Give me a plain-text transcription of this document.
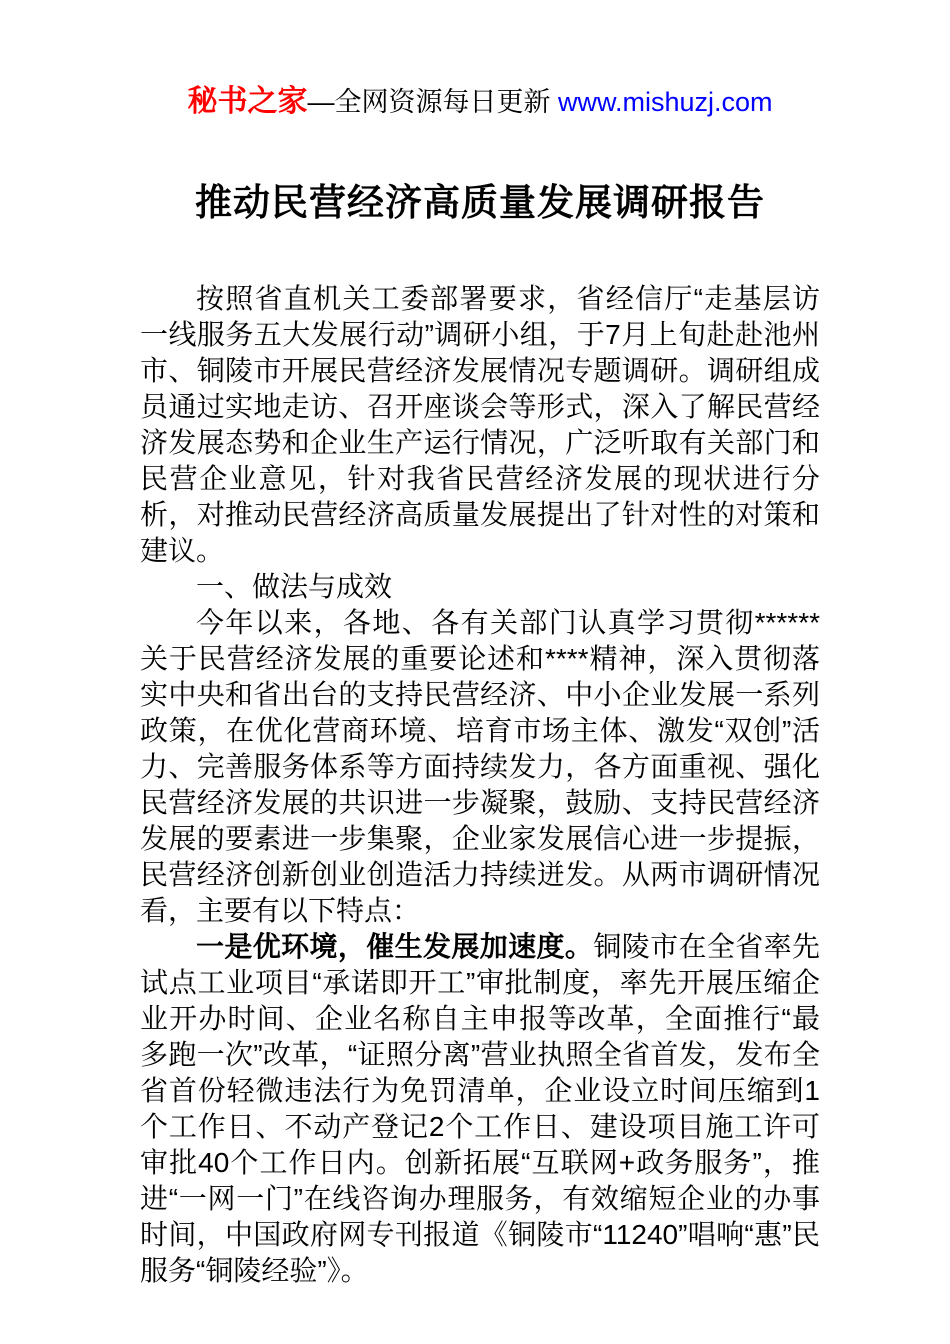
秘书之家—全网资源每日更新 www.mishuzj.com
推动民营经济高质量发展调研报告

按照省直机关工委部署要求，省经信厅“走基层访一线服务五大发展行动”调研小组，于7月上旬赴赴池州市、铜陵市开展民营经济发展情况专题调研。调研组成员通过实地走访、召开座谈会等形式，深入了解民营经济发展态势和企业生产运行情况，广泛听取有关部门和民营企业意见，针对我省民营经济发展的现状进行分析，对推动民营经济高质量发展提出了针对性的对策和建议。

一、做法与成效

今年以来，各地、各有关部门认真学习贯彻******关于民营经济发展的重要论述和****精神，深入贯彻落实中央和省出台的支持民营经济、中小企业发展一系列政策，在优化营商环境、培育市场主体、激发“双创”活力、完善服务体系等方面持续发力，各方面重视、强化民营经济发展的共识进一步凝聚，鼓励、支持民营经济发展的要素进一步集聚，企业家发展信心进一步提振，民营经济创新创业创造活力持续迸发。从两市调研情况看，主要有以下特点：

一是优环境，催生发展加速度。铜陵市在全省率先试点工业项目“承诺即开工”审批制度，率先开展压缩企业开办时间、企业名称自主申报等改革，全面推行“最多跑一次”改革，“证照分离”营业执照全省首发，发布全省首份轻微违法行为免罚清单，企业设立时间压缩到1个工作日、不动产登记2个工作日、建设项目施工许可审批40个工作日内。创新拓展“互联网+政务服务”，推进“一网一门”在线咨询办理服务，有效缩短企业的办事时间，中国政府网专刊报道《铜陵市“11240”唱响“惠”民服务“铜陵经验”》。
